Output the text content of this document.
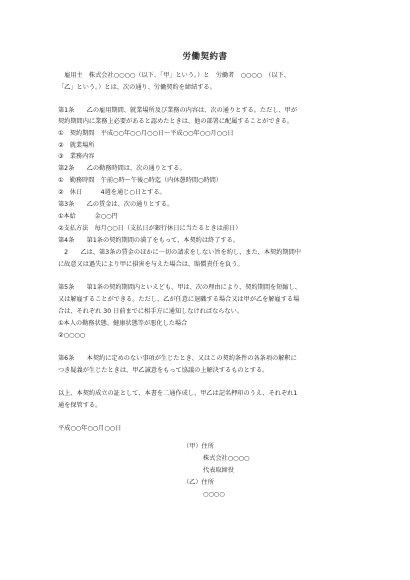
労働契約書
　雇用主　株式会社○○○○（以下、「甲」という。）と　労働者　○○○○　（以下、
「乙」という。）とは、次の通り、労働契約を締結する。
第1条　　乙の雇用期間、就業場所及び業務の内容は、次の通りとする。ただし、甲が
契約期間内に業務上必要があると認めたときは、他の部署に配属することができる。
①　契約期間　平成○○年○○月○○日～平成○○年○○月○○日
②　就業場所
③　業務内容
第2条　　乙の勤務時間は、次の通りとする。
①　勤務時間　午前○時～午後○時迄（内休憩時間○時間）
②　休日　　　4週を通じ○日とする。
第3条　　乙の賃金は、次の通りとする。
①本給　　　金○○円
②支払方法　毎月○○日（支払日が銀行休日に当たるときは前日）
第4条　　第1条の契約期間の満了をもって、本契約は終了する。
　2　　乙は、第3条の賃金のほかに一切の請求をしない旨を約し、また、本契約期間中
に故意又は過失により甲に損害を与えた場合は、賠償責任を負う。
第5条　　第1条の契約期間内といえども、甲は、次の理由により、契約期間を短縮し、
又は解雇することができる。ただし、乙が任意に退職する場合又は甲が乙を解雇する場
合は、それぞれ 30 日前までに相手方に通知しなければならない。
①本人の勤務状態、健康状態等が悪化した場合
②○○○○
第6条　　本契約に定めのない事項が生じたとき、又はこの契約条件の各条項の解釈に
つき疑義が生じたときは、甲乙誠意をもって協議の上解決するものとする。
以上、本契約成立の証として、本書を二通作成し、甲乙は記名押印のうえ、それぞれ1
通を保管する。
平成○○年○○月○○日
（甲）住所
株式会社○○○○
代表取締役
（乙）住所
○○○○
